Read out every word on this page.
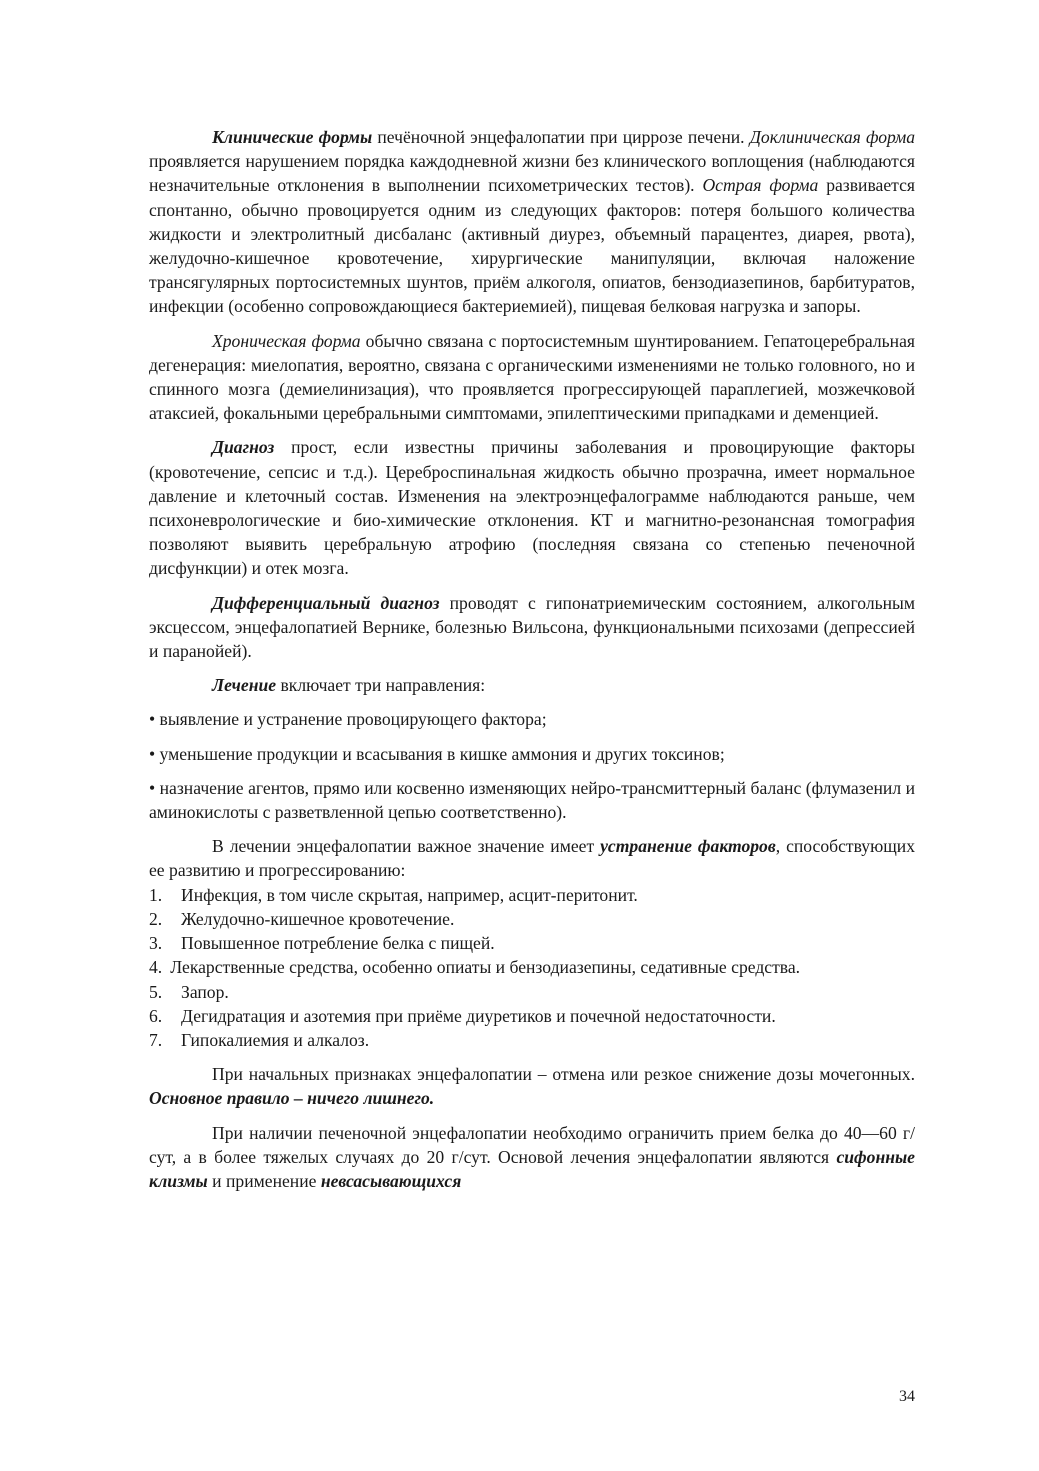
Клинические формы печёночной энцефалопатии при циррозе печени. Доклиническая форма проявляется нарушением порядка каждодневной жизни без клинического воплощения (наблюдаются незначительные отклонения в выполнении психометрических тестов). Острая форма развивается спонтанно, обычно провоцируется одним из следующих факторов: потеря большого количества жидкости и электролитный дисбаланс (активный диурез, объемный парацентез, диарея, рвота), желудочно-кишечное кровотечение, хирургические манипуляции, включая наложение трансягулярных портосистемных шунтов, приём алкоголя, опиатов, бензодиазепинов, барбитуратов, инфекции (особенно сопровождающиеся бактериемией), пищевая белковая нагрузка и запоры.

Хроническая форма обычно связана с портосистемным шунтированием. Гепатоцеребральная дегенерация: миелопатия, вероятно, связана с органическими изменениями не только головного, но и спинного мозга (демиелинизация), что проявляется прогрессирующей параплегией, мозжечковой атаксией, фокальными церебральными симптомами, эпилептическими припадками и деменцией.

Диагноз прост, если известны причины заболевания и провоцирующие факторы (кровотечение, сепсис и т.д.). Цереброспинальная жидкость обычно прозрачна, имеет нормальное давление и клеточный состав. Изменения на электроэнцефалограмме наблюдаются раньше, чем психоневрологические и био-химические отклонения. КТ и магнитно-резонансная томография позволяют выявить церебральную атрофию (последняя связана со степенью печеночной дисфункции) и отек мозга.

Дифференциальный диагноз проводят с гипонатриемическим состоянием, алкогольным эксцессом, энцефалопатией Вернике, болезнью Вильсона, функциональными психозами (депрессией и паранойей).

Лечение включает три направления:

• выявление и устранение провоцирующего фактора;

• уменьшение продукции и всасывания в кишке аммония и других токсинов;

• назначение агентов, прямо или косвенно изменяющих нейро-трансмиттерный баланс (флумазенил и аминокислоты с разветвленной цепью соответственно).

В лечении энцефалопатии важное значение имеет устранение факторов, способствующих ее развитию и прогрессированию:

1.	Инфекция, в том числе скрытая, например, асцит-перитонит.
2.	Желудочно-кишечное кровотечение.
3.	Повышенное потребление белка с пищей.
4. Лекарственные средства, особенно опиаты и бензодиазепины, седативные средства.
5.	Запор.
6.	Дегидратация и азотемия при приёме диуретиков и почечной недостаточности.
7.	Гипокалиемия и алкалоз.

При начальных признаках энцефалопатии – отмена или резкое снижение дозы мочегонных. Основное правило – ничего лишнего.

При наличии печеночной энцефалопатии необходимо ограничить прием белка до 40—60 г/сут, а в более тяжелых случаях до 20 г/сут. Основой лечения энцефалопатии являются сифонные клизмы и применение невсасывающихся

34
